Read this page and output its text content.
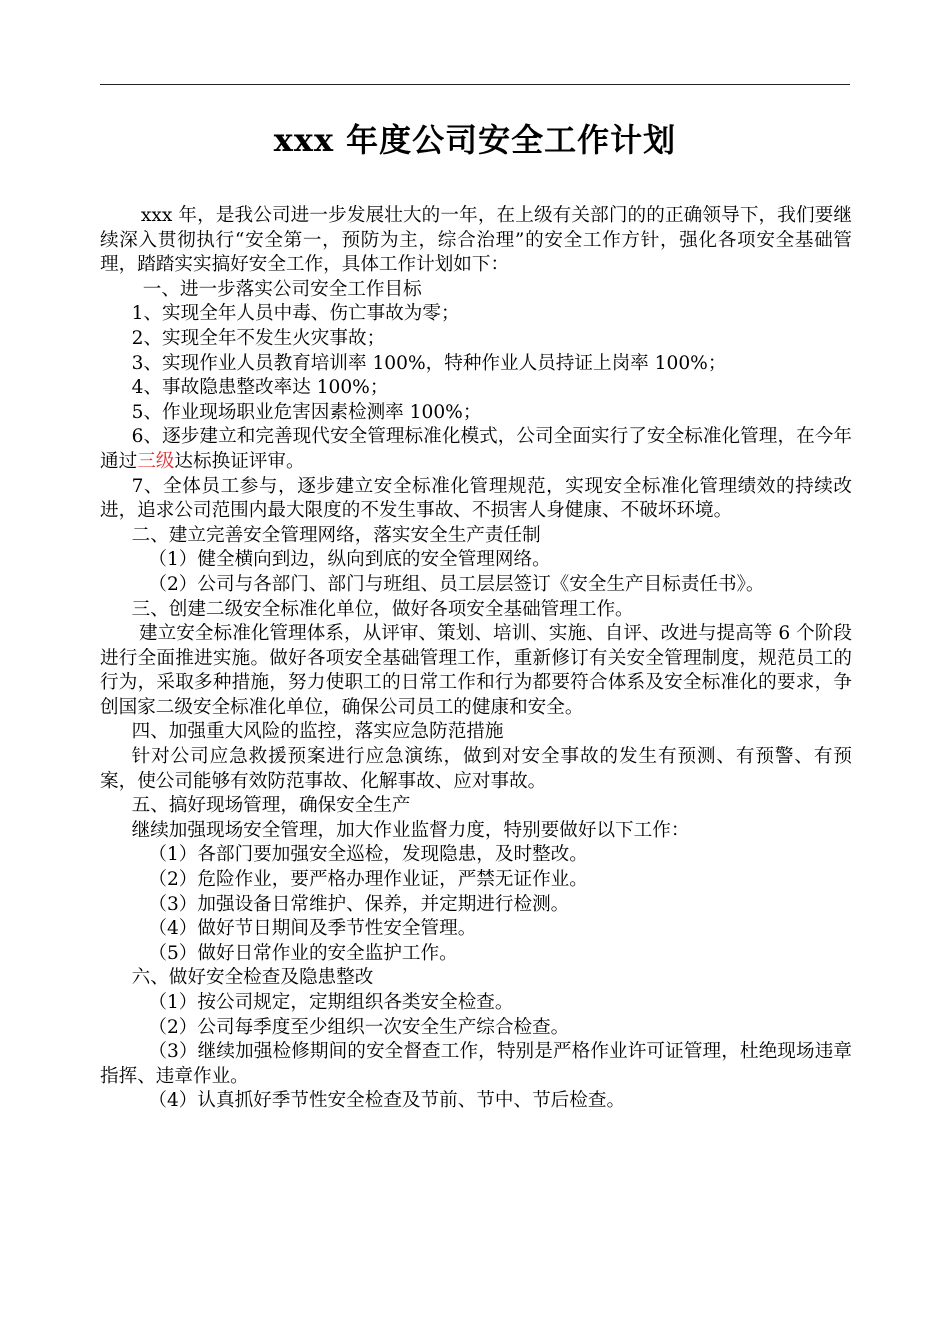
xxx 年度公司安全工作计划

xxx 年，是我公司进一步发展壮大的一年，在上级有关部门的的正确领导下，我们要继续深入贯彻执行“安全第一，预防为主，综合治理”的安全工作方针，强化各项安全基础管理，踏踏实实搞好安全工作，具体工作计划如下：

一、进一步落实公司安全工作目标

1、实现全年人员中毒、伤亡事故为零；

2、实现全年不发生火灾事故；

3、实现作业人员教育培训率 100%，特种作业人员持证上岗率 100%；

4、事故隐患整改率达 100%；

5、作业现场职业危害因素检测率 100%；

6、逐步建立和完善现代安全管理标准化模式，公司全面实行了安全标准化管理，在今年通过三级达标换证评审。

7、全体员工参与，逐步建立安全标准化管理规范，实现安全标准化管理绩效的持续改进，追求公司范围内最大限度的不发生事故、不损害人身健康、不破坏环境。

二、建立完善安全管理网络，落实安全生产责任制

（1）健全横向到边，纵向到底的安全管理网络。

（2）公司与各部门、部门与班组、员工层层签订《安全生产目标责任书》。

三、创建二级安全标准化单位，做好各项安全基础管理工作。

建立安全标准化管理体系，从评审、策划、培训、实施、自评、改进与提高等 6 个阶段进行全面推进实施。做好各项安全基础管理工作，重新修订有关安全管理制度，规范员工的行为，采取多种措施，努力使职工的日常工作和行为都要符合体系及安全标准化的要求，争创国家二级安全标准化单位，确保公司员工的健康和安全。

四、加强重大风险的监控，落实应急防范措施

针对公司应急救援预案进行应急演练，做到对安全事故的发生有预测、有预警、有预案，使公司能够有效防范事故、化解事故、应对事故。

五、搞好现场管理，确保安全生产

继续加强现场安全管理，加大作业监督力度，特别要做好以下工作：

（1）各部门要加强安全巡检，发现隐患，及时整改。

（2）危险作业，要严格办理作业证，严禁无证作业。

（3）加强设备日常维护、保养，并定期进行检测。

（4）做好节日期间及季节性安全管理。

（5）做好日常作业的安全监护工作。

六、做好安全检查及隐患整改

（1）按公司规定，定期组织各类安全检查。

（2）公司每季度至少组织一次安全生产综合检查。

（3）继续加强检修期间的安全督查工作，特别是严格作业许可证管理，杜绝现场违章指挥、违章作业。

（4）认真抓好季节性安全检查及节前、节中、节后检查。
